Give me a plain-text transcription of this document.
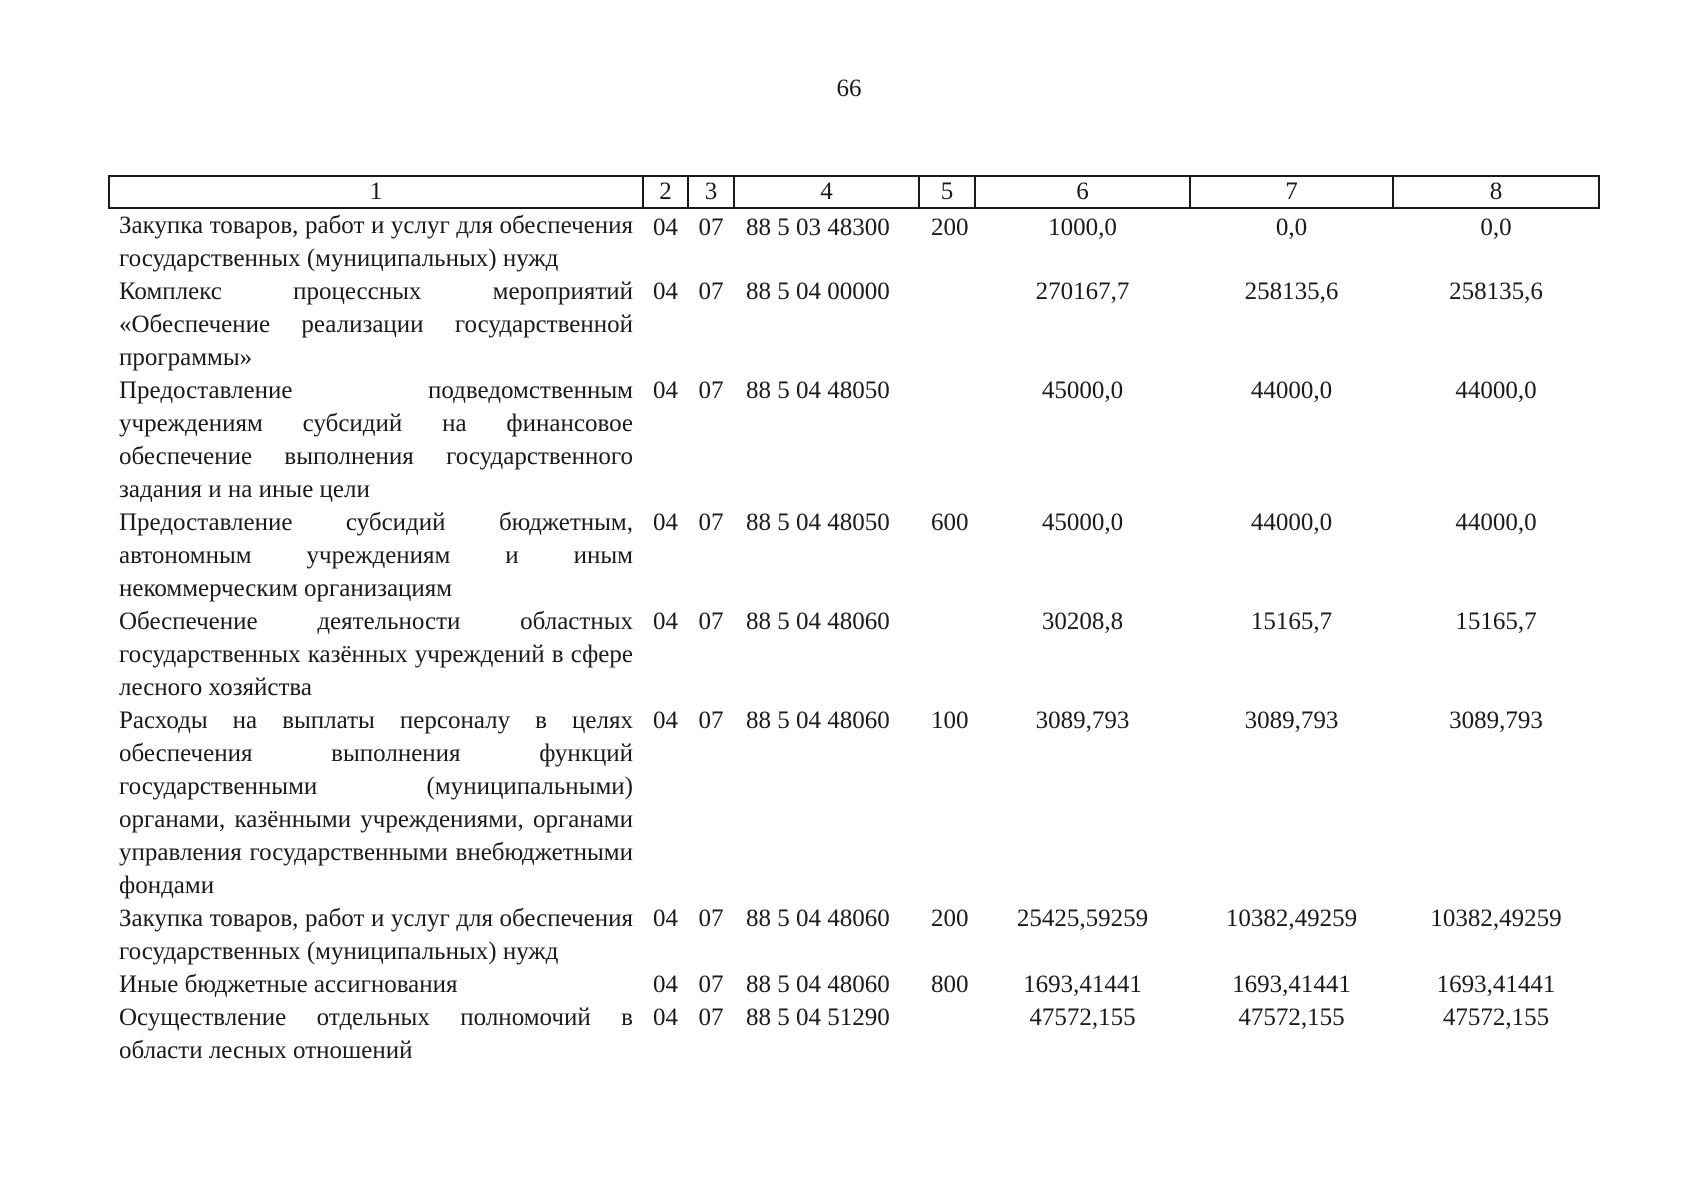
66
1	2	3	4	5	6	7	8
Закупка товаров, работ и услуг для обеспечения государственных (муниципальных) нужд	04	07	88 5 03 48300	200	1000,0	0,0	0,0
Комплекс процессных мероприятий «Обеспечение реализации государственной программы»	04	07	88 5 04 00000		270167,7	258135,6	258135,6
Предоставление подведомственным учреждениям субсидий на финансовое обеспечение выполнения государственного задания и на иные цели	04	07	88 5 04 48050		45000,0	44000,0	44000,0
Предоставление субсидий бюджетным, автономным учреждениям и иным некоммерческим организациям	04	07	88 5 04 48050	600	45000,0	44000,0	44000,0
Обеспечение деятельности областных государственных казённых учреждений в сфере лесного хозяйства	04	07	88 5 04 48060		30208,8	15165,7	15165,7
Расходы на выплаты персоналу в целях обеспечения выполнения функций государственными (муниципальными) органами, казёнными учреждениями, органами управления государственными внебюджетными фондами	04	07	88 5 04 48060	100	3089,793	3089,793	3089,793
Закупка товаров, работ и услуг для обеспечения государственных (муниципальных) нужд	04	07	88 5 04 48060	200	25425,59259	10382,49259	10382,49259
Иные бюджетные ассигнования	04	07	88 5 04 48060	800	1693,41441	1693,41441	1693,41441
Осуществление отдельных полномочий в области лесных отношений	04	07	88 5 04 51290		47572,155	47572,155	47572,155
